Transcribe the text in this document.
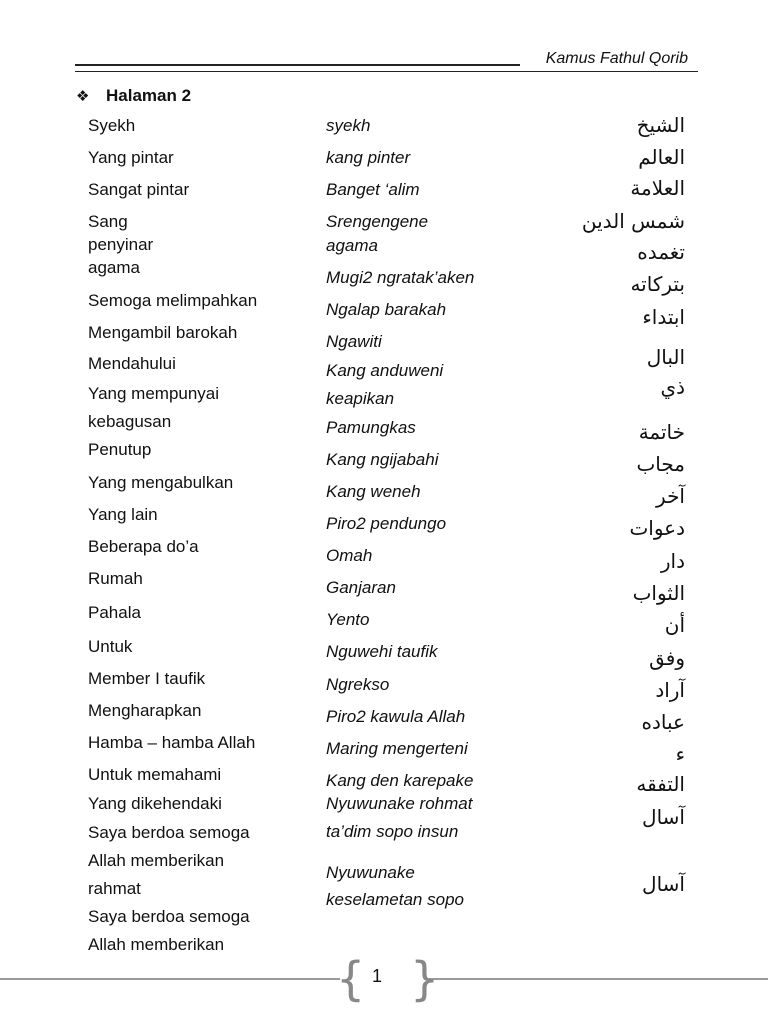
Kamus Fathul Qorib
❖ Halaman 2
Syekh
Yang pintar
Sangat pintar
Sang
penyinar
agama
Semoga melimpahkan
Mengambil barokah
Mendahului
Yang mempunyai
kebagusan
Penutup
Yang mengabulkan
Yang lain
Beberapa do’a
Rumah
Pahala
Untuk
Member I taufik
Mengharapkan
Hamba – hamba Allah
Untuk memahami
Yang dikehendaki
Saya berdoa semoga
Allah memberikan
rahmat
Saya berdoa semoga
Allah memberikan
syekh
kang pinter
Banget ‘alim
Srengengene
agama
Mugi2 ngratak’aken
Ngalap barakah
Ngawiti
Kang anduweni
keapikan
Pamungkas
Kang ngijabahi
Kang weneh
Piro2 pendungo
Omah
Ganjaran
Yento
Nguwehi taufik
Ngrekso
Piro2 kawula Allah
Maring mengerteni
Kang den karepake
Nyuwunake rohmat
ta’dim sopo insun
Nyuwunake
keselametan sopo
الشيخ
العالم
العلامة
شمس الدين
تغمده
بتركاته
ابتداء
البال
ذي
خاتمة
مجاب
آخر
دعوات
دار
الثواب
أن
وفق
آراد
عباده
ء
التفقه
آسال
آسال
{ }
1
